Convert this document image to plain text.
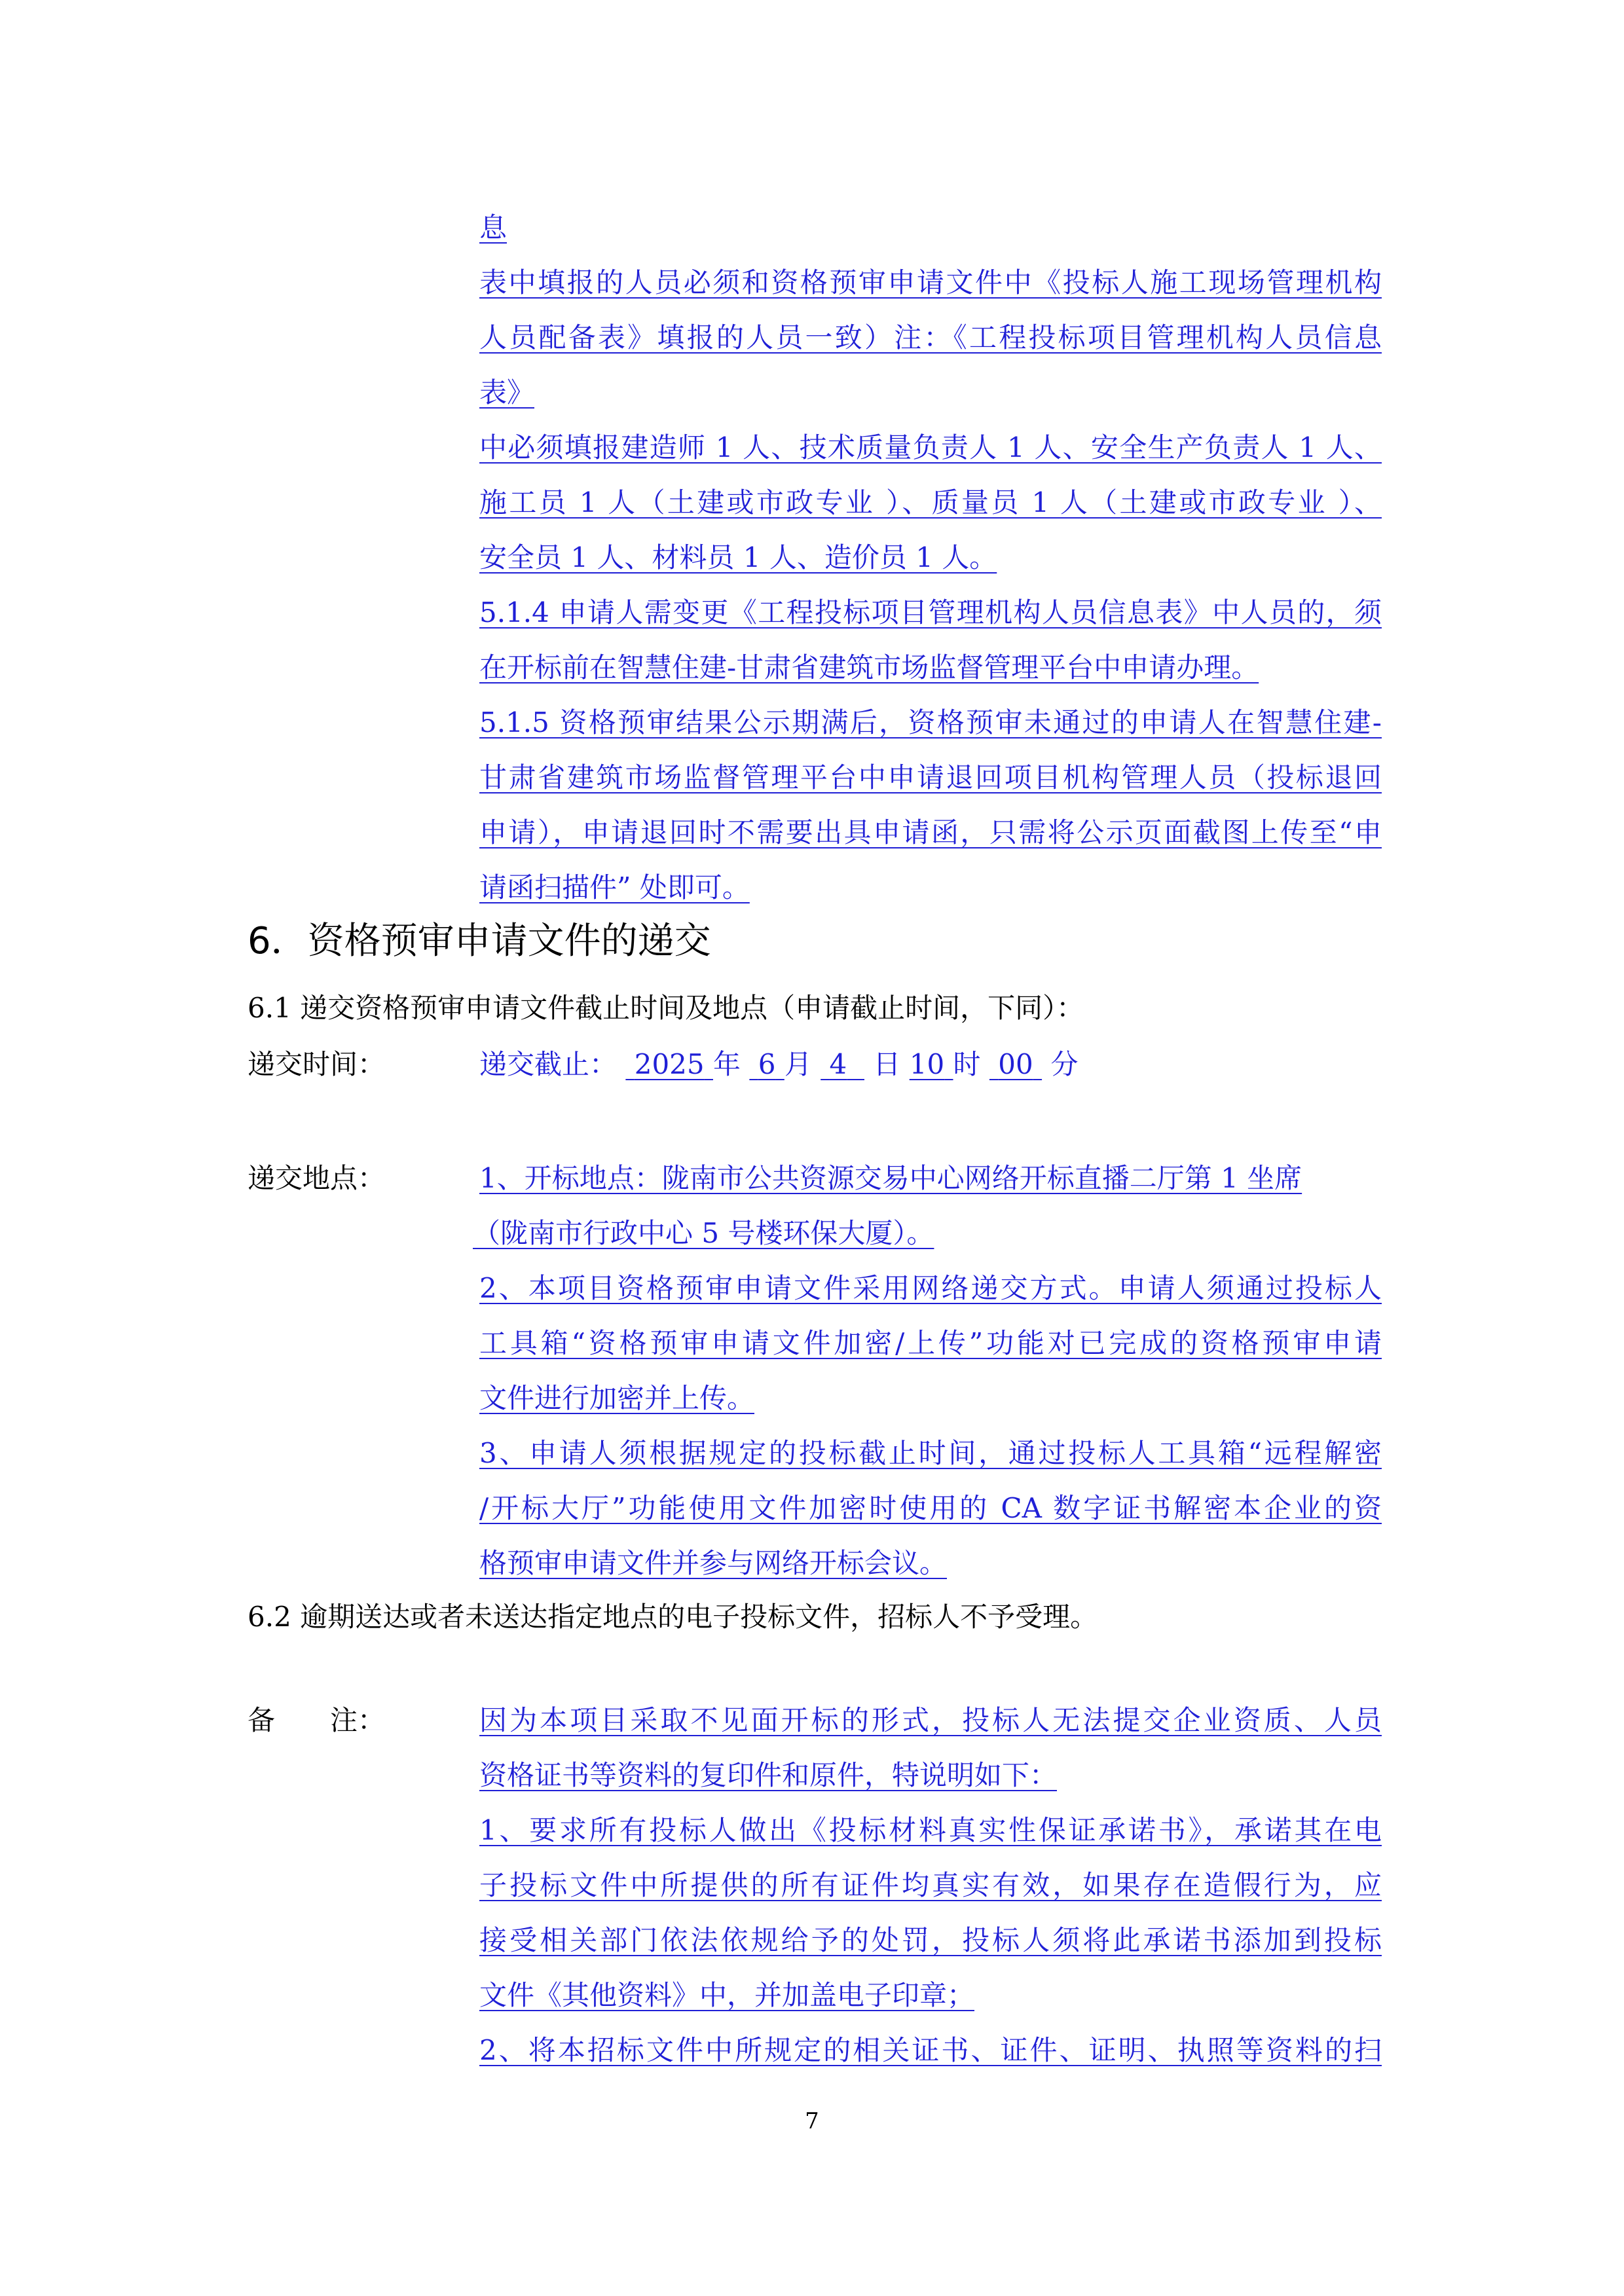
息
表中填报的人员必须和资格预审申请文件中《投标人施工现场管理机构
人员配备表》填报的人员一致）注：《工程投标项目管理机构人员信息
表》
中必须填报建造师 1 人、技术质量负责人 1 人、安全生产负责人 1 人、
施工员 1 人（土建或市政专业 ）、质量员 1 人（土建或市政专业 ）、
安全员 1 人、材料员 1 人、造价员 1 人。
5.1.4 申请人需变更《工程投标项目管理机构人员信息表》中人员的，须
在开标前在智慧住建-甘肃省建筑市场监督管理平台中申请办理。
5.1.5 资格预审结果公示期满后，资格预审未通过的申请人在智慧住建-
甘肃省建筑市场监督管理平台中申请退回项目机构管理人员（投标退回
申请），申请退回时不需要出具申请函，只需将公示页面截图上传至“申
请函扫描件” 处即可。
6．资格预审申请文件的递交
6.1 递交资格预审申请文件截止时间及地点（申请截止时间，下同）：
递交时间：	递交截止： 2025 年 6 月 4 日 10 时 00 分
递交地点：	1、开标地点：陇南市公共资源交易中心网络开标直播二厅第 1 坐席
（陇南市行政中心 5 号楼环保大厦）。
2、本项目资格预审申请文件采用网络递交方式。申请人须通过投标人
工具箱“资格预审申请文件加密/上传”功能对已完成的资格预审申请
文件进行加密并上传。
3、申请人须根据规定的投标截止时间，通过投标人工具箱“远程解密
/开标大厅”功能使用文件加密时使用的 CA 数字证书解密本企业的资
格预审申请文件并参与网络开标会议。
6.2 逾期送达或者未送达指定地点的电子投标文件，招标人不予受理。
备 注：	因为本项目采取不见面开标的形式，投标人无法提交企业资质、人员
资格证书等资料的复印件和原件，特说明如下：
1、要求所有投标人做出《投标材料真实性保证承诺书》，承诺其在电
子投标文件中所提供的所有证件均真实有效，如果存在造假行为，应
接受相关部门依法依规给予的处罚，投标人须将此承诺书添加到投标
文件《其他资料》中，并加盖电子印章；
2、将本招标文件中所规定的相关证书、证件、证明、执照等资料的扫
7
